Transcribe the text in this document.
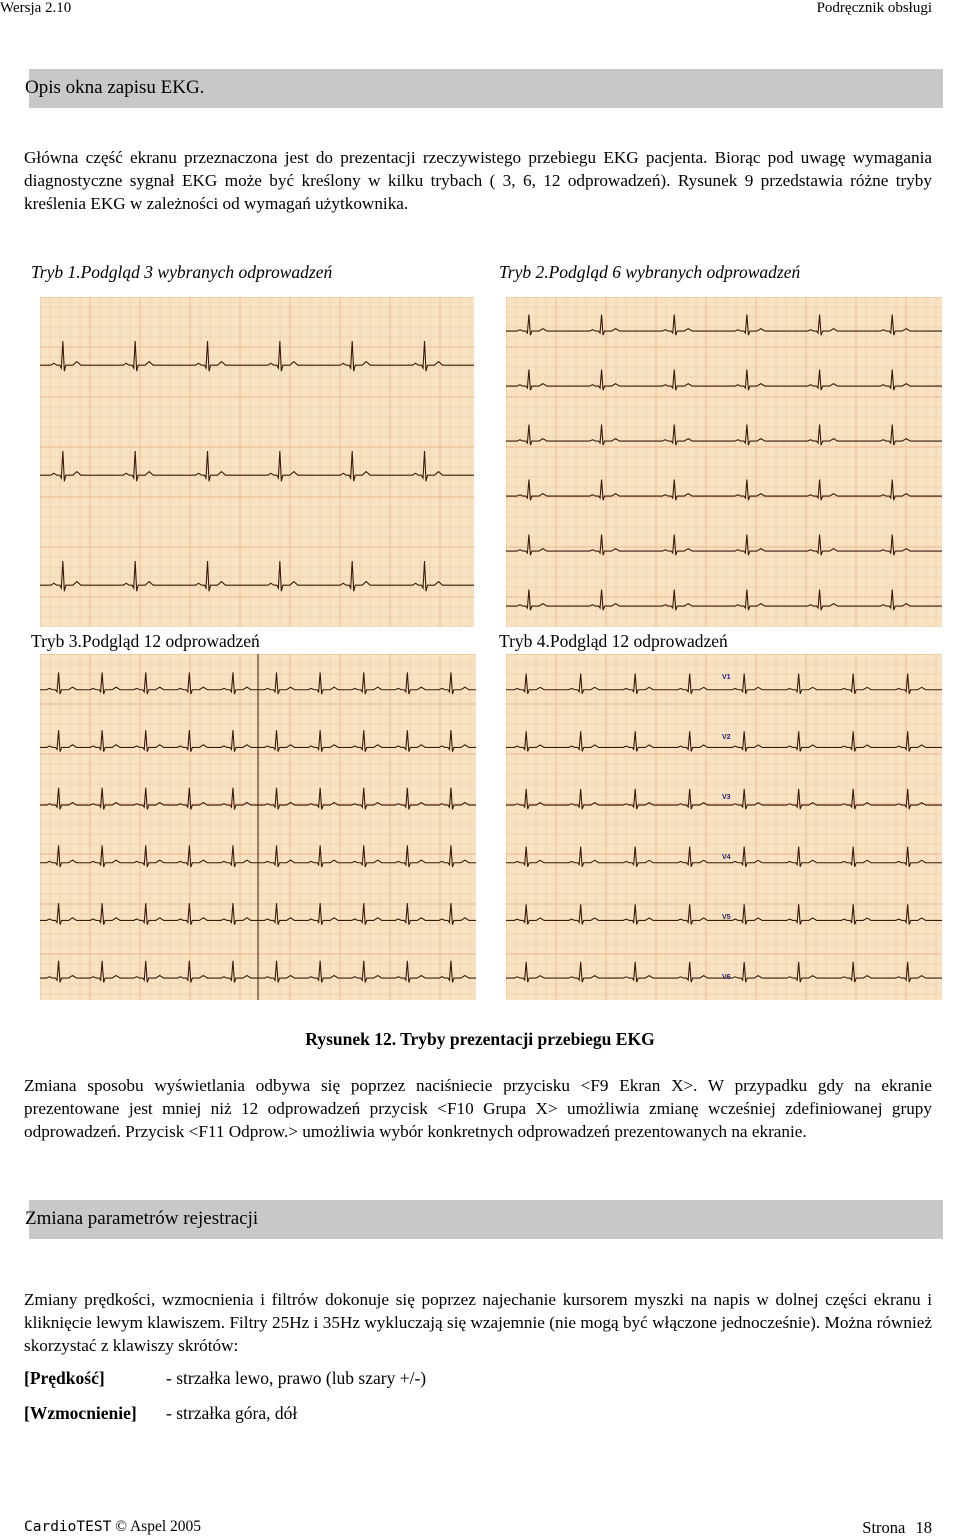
Wersja 2.10	Podręcznik obsługi
Opis okna zapisu EKG.
Główna część ekranu przeznaczona jest do prezentacji rzeczywistego przebiegu EKG pacjenta. Biorąc pod uwagę wymagania diagnostyczne sygnał EKG może być kreślony w kilku trybach ( 3, 6, 12 odprowadzeń). Rysunek 9 przedstawia różne tryby kreślenia EKG w zależności od wymagań użytkownika.
Tryb 1.Podgląd 3 wybranych odprowadzeń	Tryb 2.Podgląd 6 wybranych odprowadzeń
Tryb 3.Podgląd 12 odprowadzeń	Tryb 4.Podgląd 12 odprowadzeń
V1
V2
V3
V4
V5
V6
Rysunek 12. Tryby prezentacji przebiegu EKG
Zmiana sposobu wyświetlania odbywa się poprzez naciśniecie przycisku <F9 Ekran X>. W przypadku gdy na ekranie prezentowane jest mniej niż 12 odprowadzeń przycisk <F10 Grupa X> umożliwia zmianę wcześniej zdefiniowanej grupy odprowadzeń. Przycisk <F11 Odprow.> umożliwia wybór konkretnych odprowadzeń prezentowanych na ekranie.
Zmiana parametrów rejestracji
Zmiany prędkości, wzmocnienia i filtrów dokonuje się poprzez najechanie kursorem myszki na napis w dolnej części ekranu i kliknięcie lewym klawiszem. Filtry 25Hz i 35Hz wykluczają się wzajemnie (nie mogą być włączone jednocześnie). Można również skorzystać z klawiszy skrótów:
[Prędkość]	- strzałka lewo, prawo (lub szary +/-)
[Wzmocnienie] - strzałka góra, dół
CardioTEST © Aspel 2005	Strona 18
